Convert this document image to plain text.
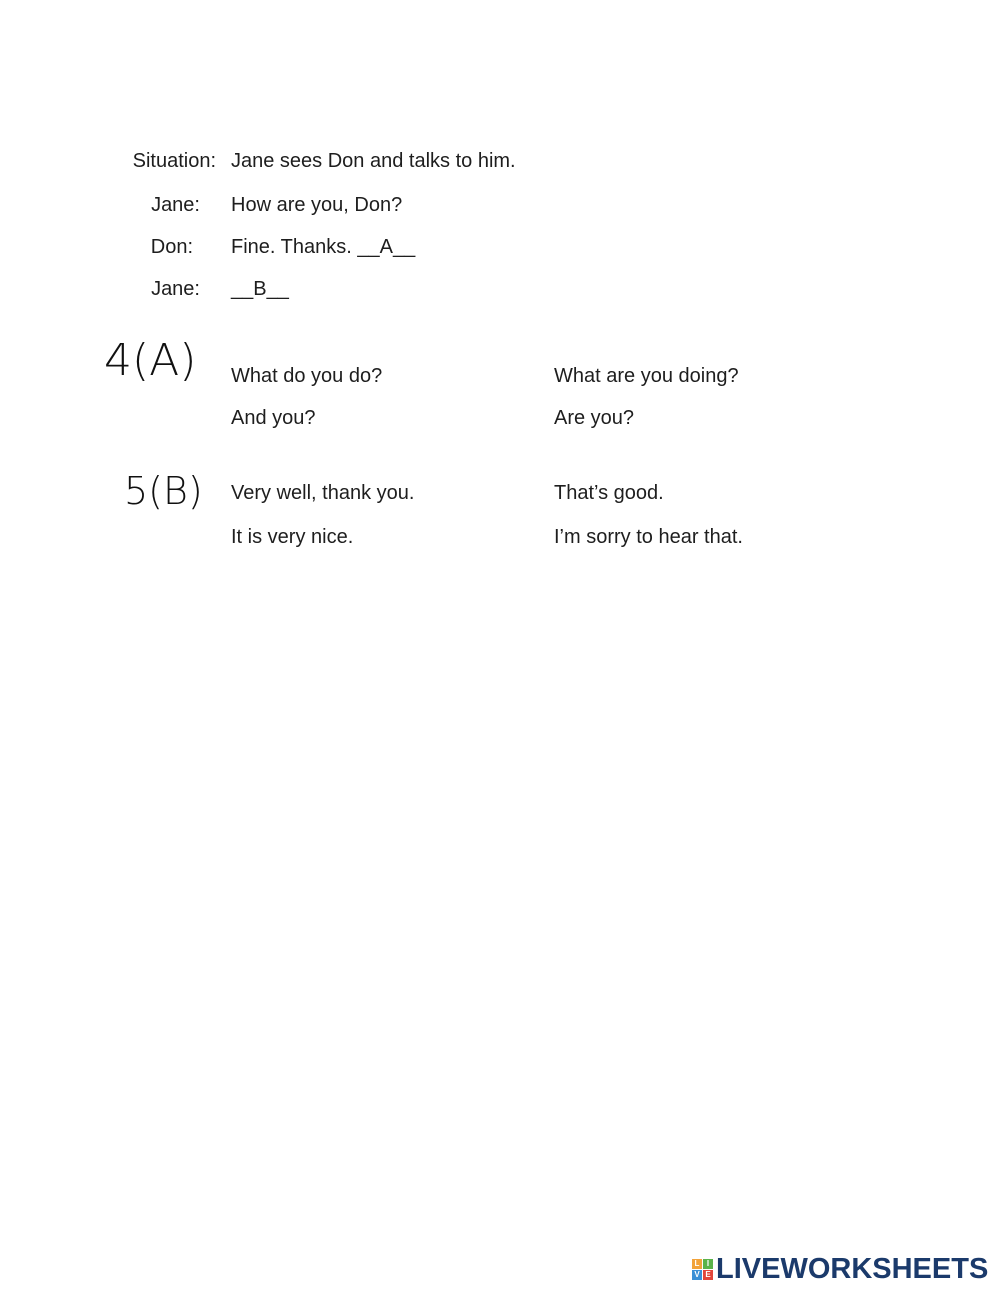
Situation: Jane sees Don and talks to him.
Jane: How are you, Don?
Don: Fine. Thanks. __A__
Jane: __B__
4(A) What do you do?	What are you doing?
And you?	Are you?
5(B) Very well, thank you.	That’s good.
It is very nice.	I’m sorry to hear that.
L I
V E LIVEWORKSHEETS
